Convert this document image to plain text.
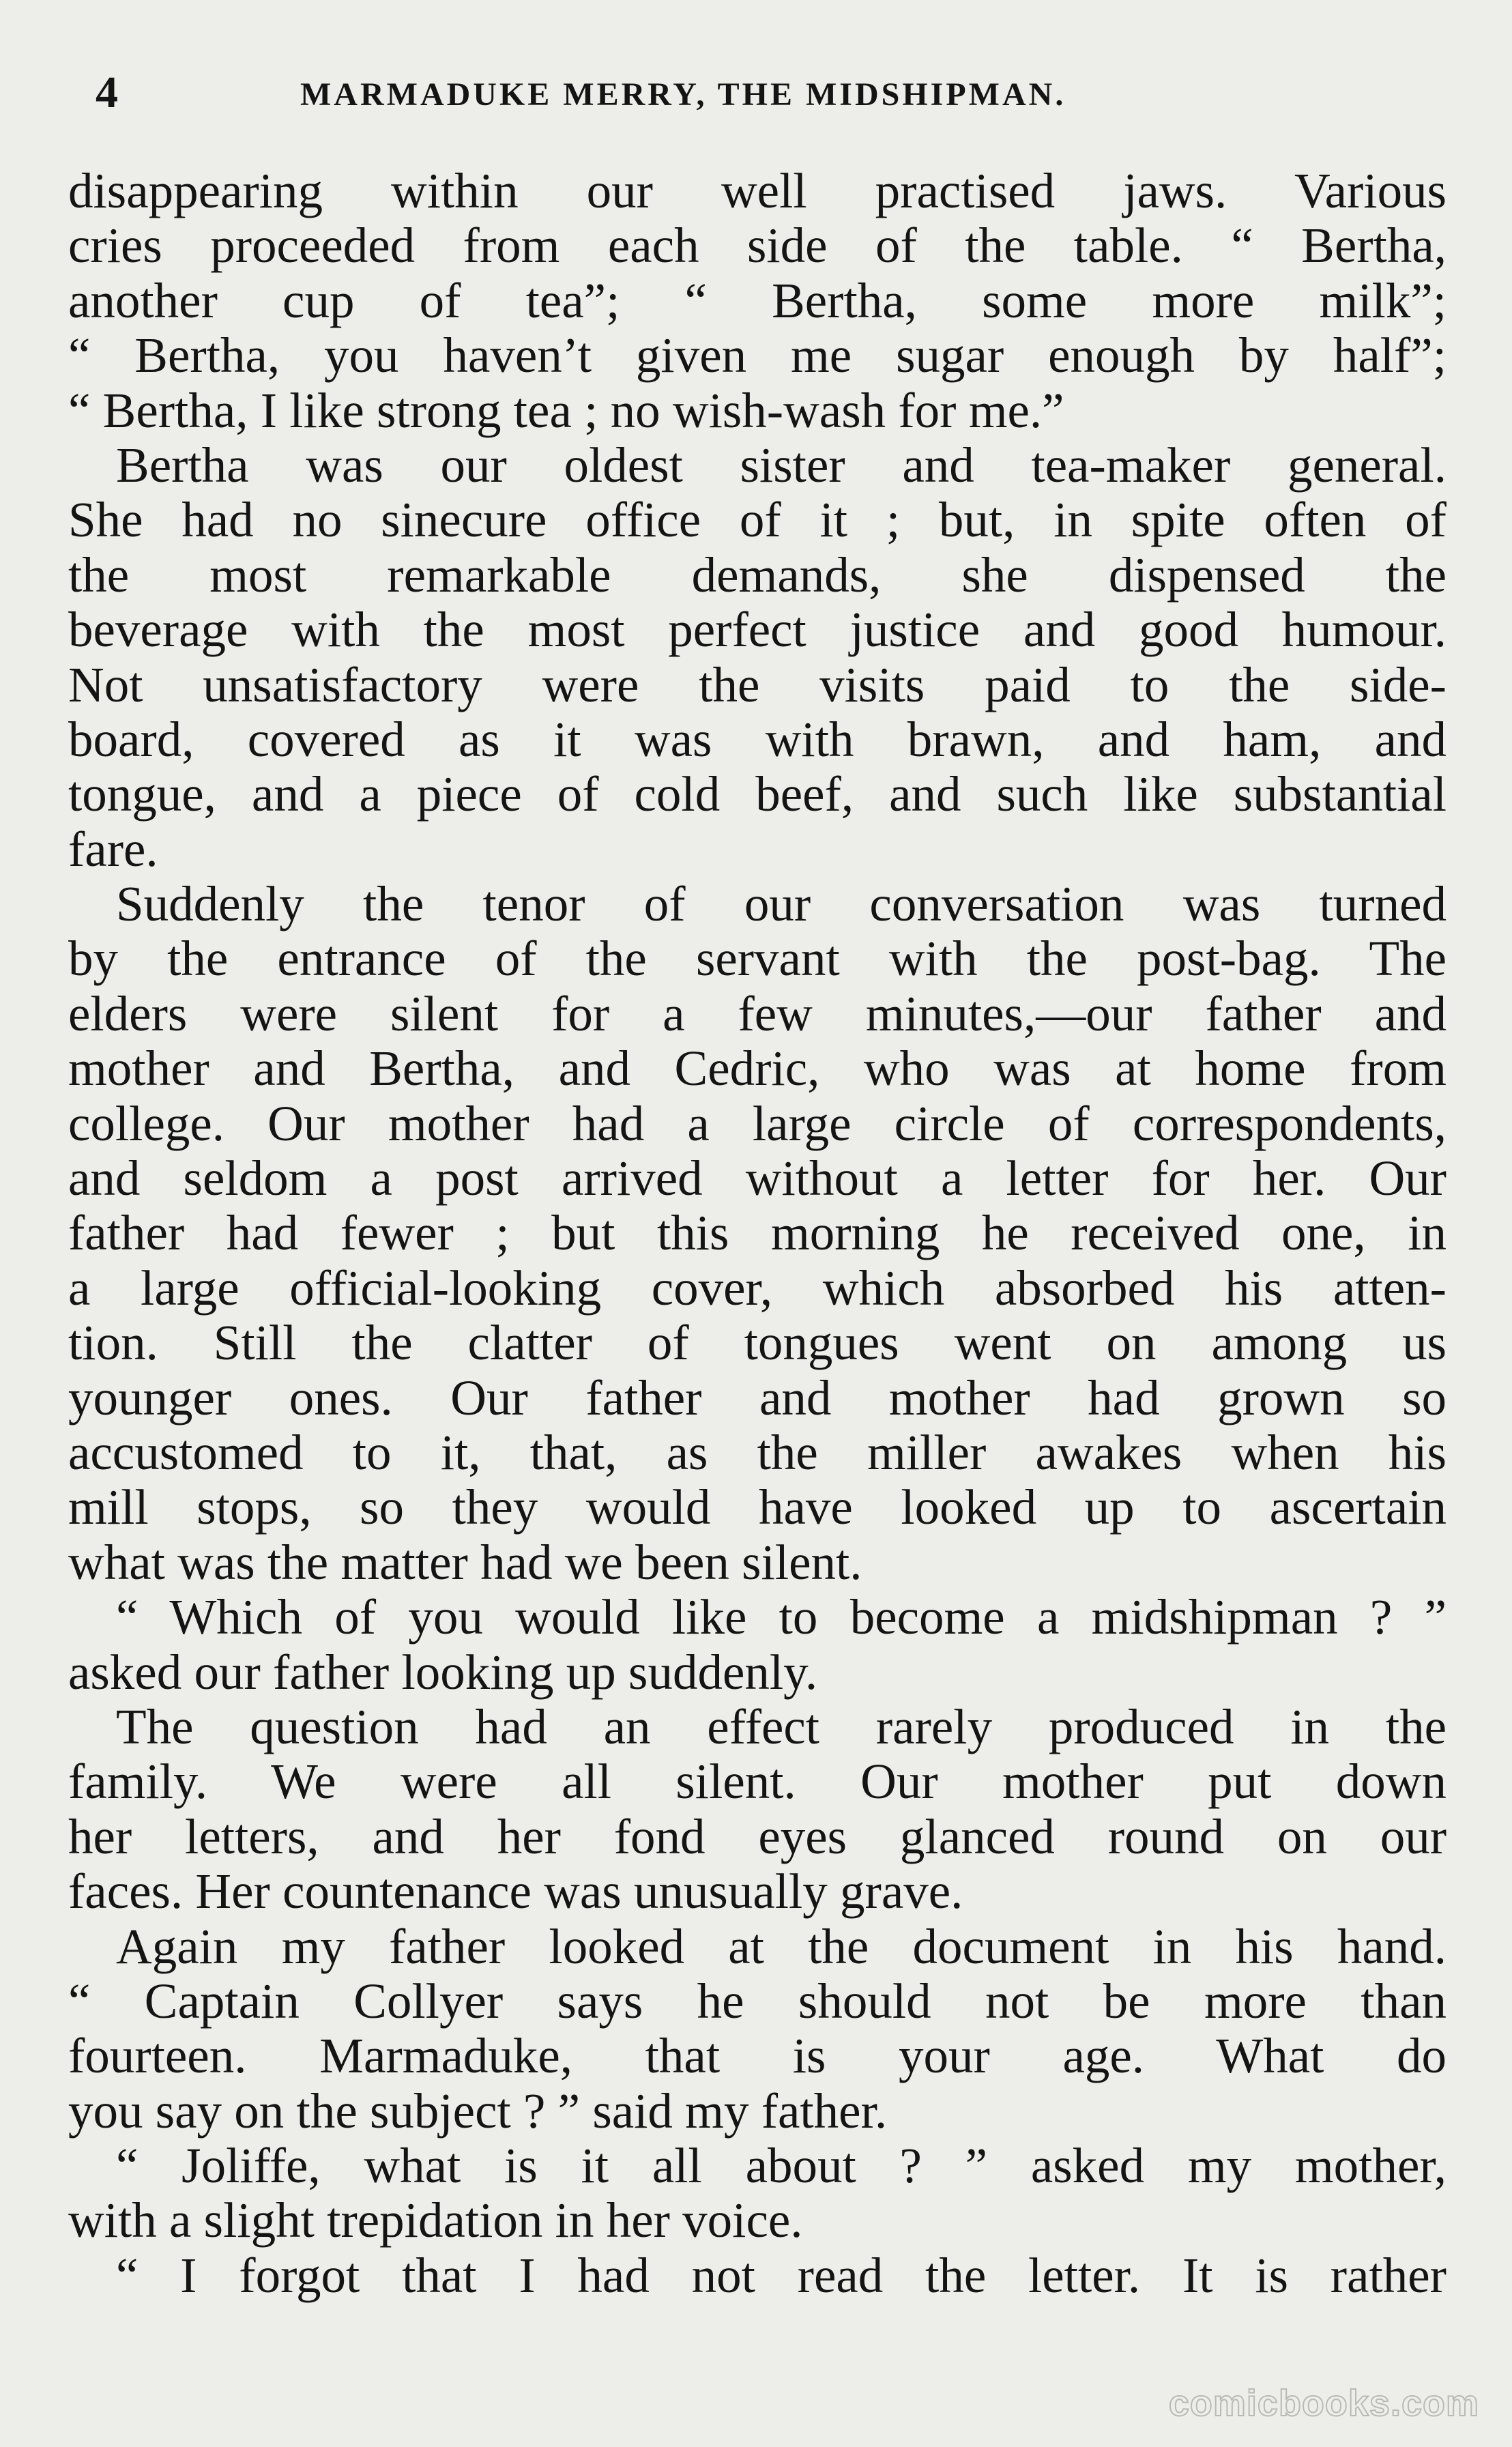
4	MARMADUKE MERRY, THE MIDSHIPMAN.
disappearing within our well practised jaws. Various
cries proceeded from each side of the table. “ Bertha,
another cup of tea”; “ Bertha, some more milk”;
“ Bertha, you haven’t given me sugar enough by half”;
“ Bertha, I like strong tea ; no wish-wash for me.”
Bertha was our oldest sister and tea-maker general.
She had no sinecure office of it ; but, in spite often of
the most remarkable demands, she dispensed the
beverage with the most perfect justice and good humour.
Not unsatisfactory were the visits paid to the side-
board, covered as it was with brawn, and ham, and
tongue, and a piece of cold beef, and such like substantial
fare.
Suddenly the tenor of our conversation was turned
by the entrance of the servant with the post-bag. The
elders were silent for a few minutes,—our father and
mother and Bertha, and Cedric, who was at home from
college. Our mother had a large circle of correspondents,
and seldom a post arrived without a letter for her. Our
father had fewer ; but this morning he received one, in
a large official-looking cover, which absorbed his atten-
tion. Still the clatter of tongues went on among us
younger ones. Our father and mother had grown so
accustomed to it, that, as the miller awakes when his
mill stops, so they would have looked up to ascertain
what was the matter had we been silent.
“ Which of you would like to become a midshipman ? ”
asked our father looking up suddenly.
The question had an effect rarely produced in the
family. We were all silent. Our mother put down
her letters, and her fond eyes glanced round on our
faces. Her countenance was unusually grave.
Again my father looked at the document in his hand.
“ Captain Collyer says he should not be more than
fourteen. Marmaduke, that is your age. What do
you say on the subject ? ” said my father.
“ Joliffe, what is it all about ? ” asked my mother,
with a slight trepidation in her voice.
“ I forgot that I had not read the letter. It is rather
comicbooks.com
